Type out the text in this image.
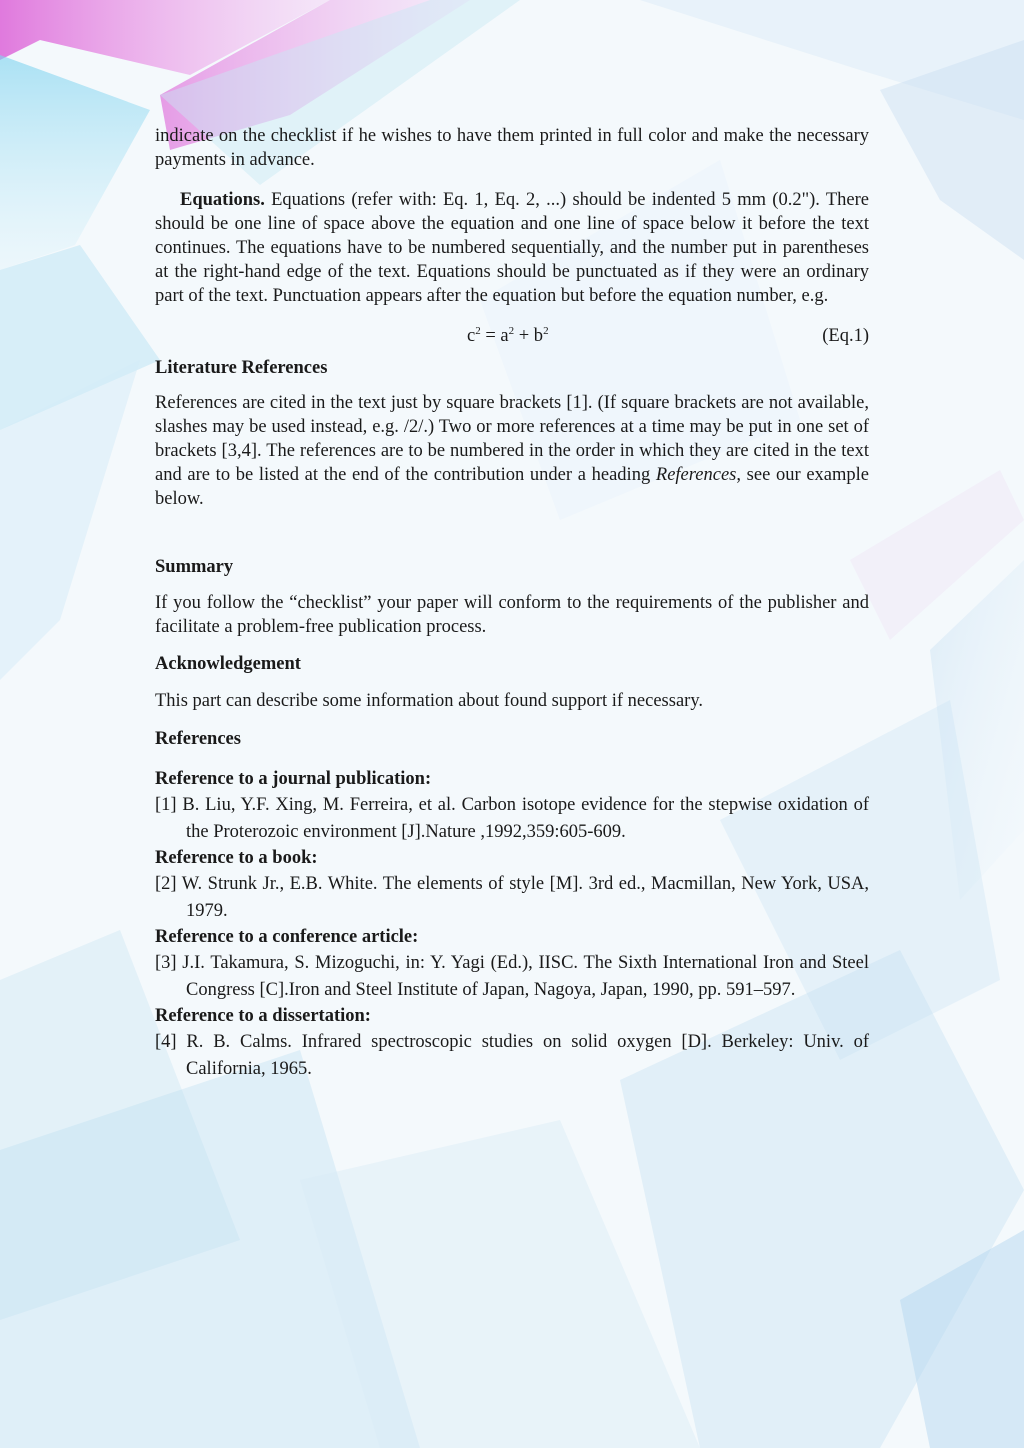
indicate on the checklist if he wishes to have them printed in full color and make the necessary payments in advance.

Equations. Equations (refer with: Eq. 1, Eq. 2, ...) should be indented 5 mm (0.2"). There should be one line of space above the equation and one line of space below it before the text continues. The equations have to be numbered sequentially, and the number put in parentheses at the right-hand edge of the text. Equations should be punctuated as if they were an ordinary part of the text. Punctuation appears after the equation but before the equation number, e.g.

$c^2 = a^2 + b^2$	(Eq.1)
Literature References

References are cited in the text just by square brackets [1]. (If square brackets are not available, slashes may be used instead, e.g. /2/.) Two or more references at a time may be put in one set of brackets [3,4]. The references are to be numbered in the order in which they are cited in the text and are to be listed at the end of the contribution under a heading References, see our example below.

Summary

If you follow the “checklist” your paper will conform to the requirements of the publisher and facilitate a problem-free publication process.

Acknowledgement

This part can describe some information about found support if necessary.

References
Reference to a journal publication:
[1] B. Liu, Y.F. Xing, M. Ferreira, et al. Carbon isotope evidence for the stepwise oxidation of the Proterozoic environment [J].Nature ,1992,359:605-609.
Reference to a book:
[2] W. Strunk Jr., E.B. White. The elements of style [M]. 3rd ed., Macmillan, New York, USA, 1979.
Reference to a conference article:
[3] J.I. Takamura, S. Mizoguchi, in: Y. Yagi (Ed.), IISC. The Sixth International Iron and Steel Congress [C].Iron and Steel Institute of Japan, Nagoya, Japan, 1990, pp. 591–597.
Reference to a dissertation:
[4] R. B. Calms. Infrared spectroscopic studies on solid oxygen [D]. Berkeley: Univ. of California, 1965.
